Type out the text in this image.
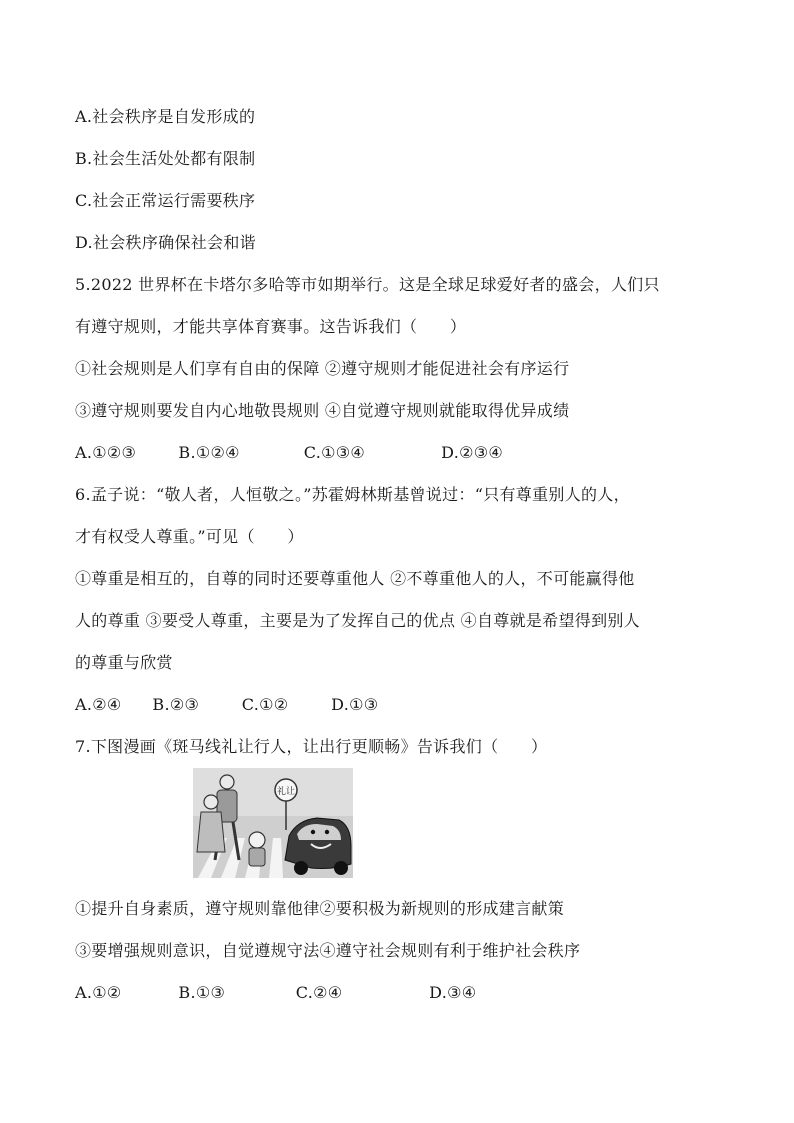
A.社会秩序是自发形成的
B.社会生活处处都有限制
C.社会正常运行需要秩序
D.社会秩序确保社会和谐
5.2022 世界杯在卡塔尔多哈等市如期举行。这是全球足球爱好者的盛会，人们只
有遵守规则，才能共享体育赛事。这告诉我们（　　）
①社会规则是人们享有自由的保障 ②遵守规则才能促进社会有序运行
③遵守规则要发自内心地敬畏规则 ④自觉遵守规则就能取得优异成绩
A.①②③	B.①②④	C.①③④	D.②③④
6.孟子说：“敬人者，人恒敬之。”苏霍姆林斯基曾说过：“只有尊重别人的人，
才有权受人尊重。”可见（　　）
①尊重是相互的，自尊的同时还要尊重他人 ②不尊重他人的人，不可能赢得他
人的尊重 ③要受人尊重，主要是为了发挥自己的优点 ④自尊就是希望得到别人
的尊重与欣赏
A.②④ B.②③	C.①②	D.①③
7.下图漫画《斑马线礼让行人，让出行更顺畅》告诉我们（　　）
礼让
①提升自身素质，遵守规则靠他律②要积极为新规则的形成建言献策
③要增强规则意识，自觉遵规守法④遵守社会规则有利于维护社会秩序
A.①②	B.①③	C.②④	D.③④
